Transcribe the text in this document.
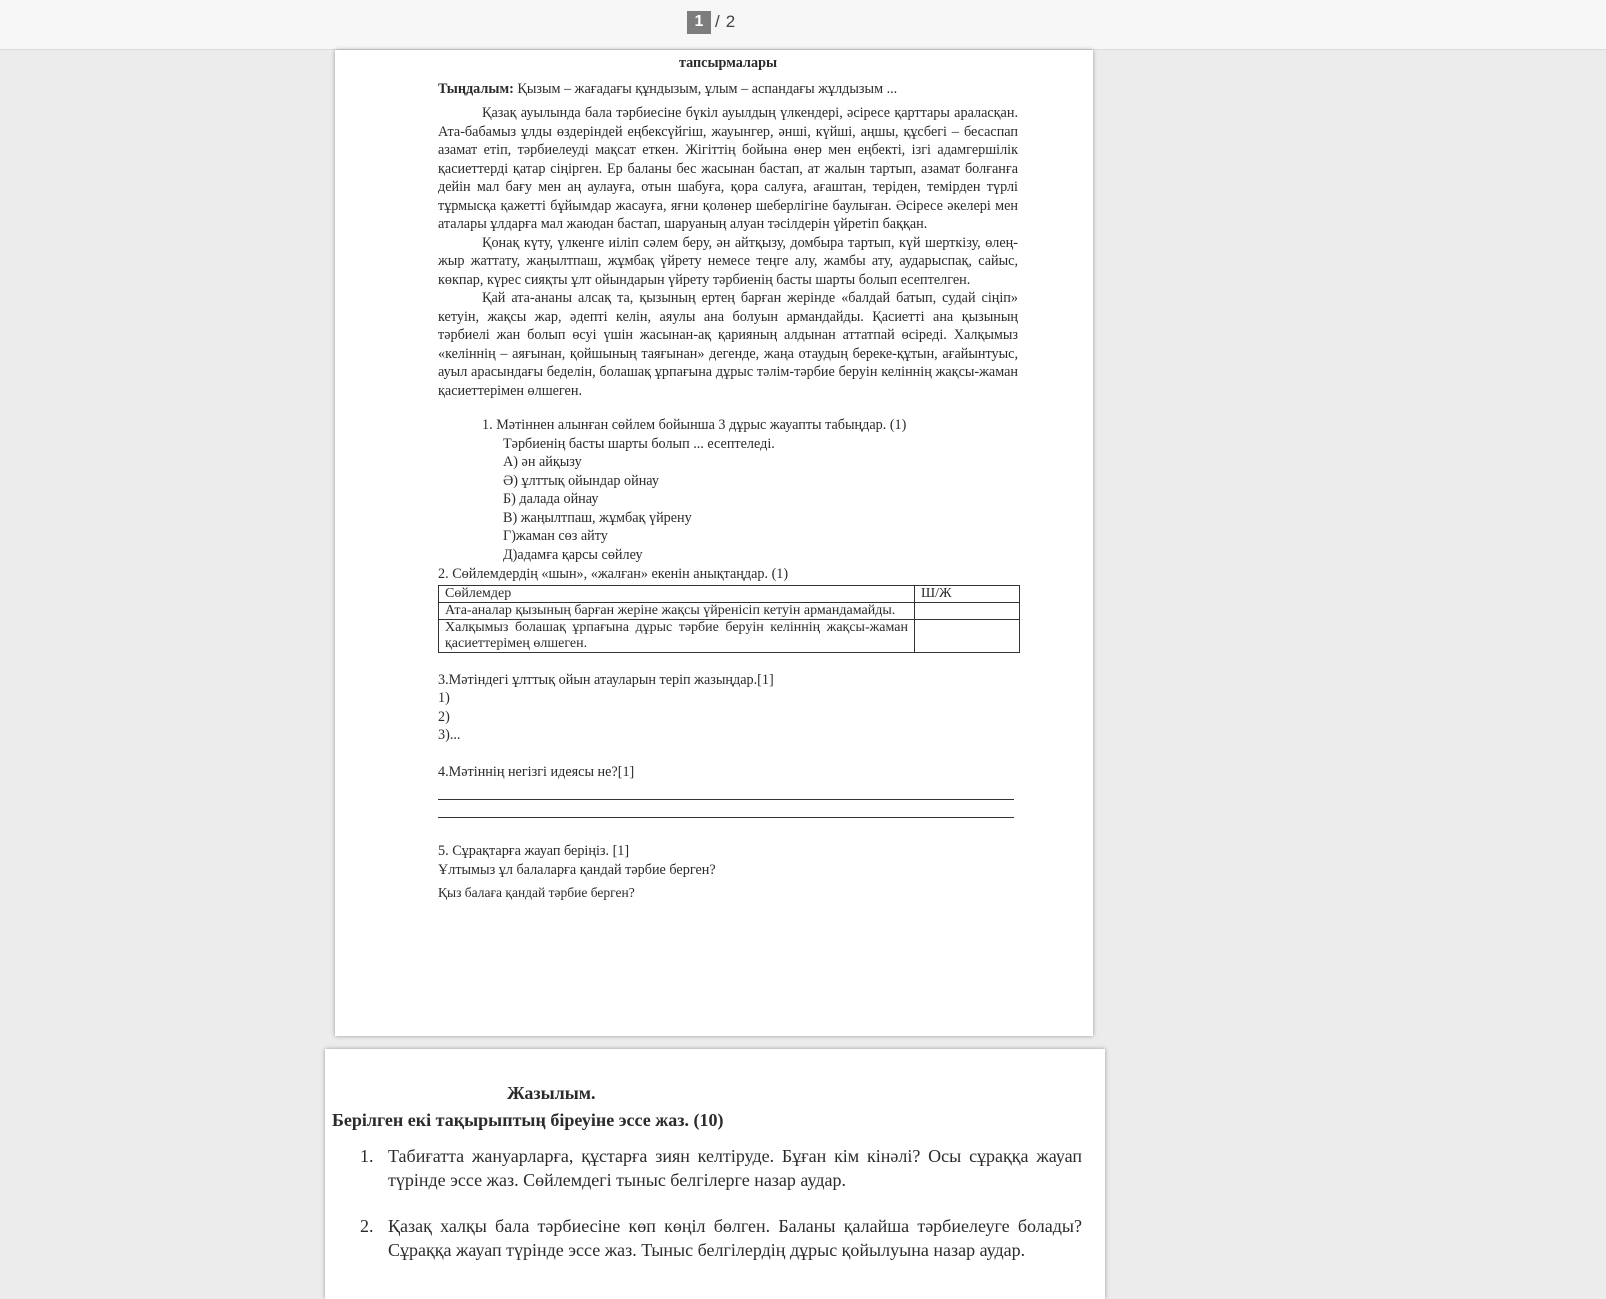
1
/ 2

тапсырмалары

Тыңдалым: Қызым – жағадағы құндызым, ұлым – аспандағы жұлдызым ...

Қазақ ауылында бала тәрбиесіне бүкіл ауылдың үлкендері, әсіресе қарттары араласқан. Ата-бабамыз ұлды өздеріндей еңбексүйгіш, жауынгер, әнші, күйші, аңшы, құсбегі – бесаспап азамат етіп, тәрбиелеуді мақсат еткен. Жігіттің бойына өнер мен еңбекті, ізгі адамгершілік қасиеттерді қатар сіңірген. Ер баланы бес жасынан бастап, ат жалын тартып, азамат болғанға дейін мал бағу мен аң аулауға, отын шабуға, қора салуға, ағаштан, теріден, темірден түрлі тұрмысқа қажетті бұйымдар жасауға, яғни қолөнер шеберлігіне баулыған. Әсіресе әкелері мен аталары ұлдарға мал жаюдан бастап, шаруаның алуан тәсілдерін үйретіп баққан.

Қонақ күту, үлкенге иіліп сәлем беру, ән айтқызу, домбыра тартып, күй шерткізу, өлең-жыр жаттату, жаңылтпаш, жұмбақ үйрету немесе теңге алу, жамбы ату, аударыспақ, сайыс, көкпар, күрес сияқты ұлт ойындарын үйрету тәрбиенің басты шарты болып есептелген.

Қай ата-ананы алсақ та, қызының ертең барған жерінде «балдай батып, судай сіңіп» кетуін, жақсы жар, әдепті келін, аяулы ана болуын армандайды. Қасиетті ана қызының тәрбиелі жан болып өсуі үшін жасынан-ақ қарияның алдынан аттатпай өсіреді. Халқымыз «келіннің – аяғынан, қойшының таяғынан» дегенде, жаңа отаудың береке-құтын, ағайынтуыс, ауыл арасындағы беделін, болашақ ұрпағына дұрыс тәлім-тәрбие беруін келіннің жақсы-жаман қасиеттерімен өлшеген.

1. Мәтіннен алынған сөйлем бойынша 3 дұрыс жауапты табыңдар. (1)
Тәрбиенің басты шарты болып ... есептеледі.
А) ән айқызу
Ә) ұлттық ойындар ойнау
Б) далада ойнау
В) жаңылтпаш, жұмбақ үйрену
Г)жаман сөз айту
Д)адамға қарсы сөйлеу
2. Сөйлемдердің «шын», «жалған» екенін анықтаңдар. (1)
Сөйлемдер	Ш/Ж
Ата-аналар қызының барған жеріне жақсы үйренісіп кетуін армандамайды.	
Халқымыз болашақ ұрпағына дұрыс тәрбие беруін келіннің жақсы-жаман қасиеттерімең өлшеген.	
3.Мәтіндегі ұлттық ойын атауларын теріп жазыңдар.[1]
1)
2)
3)...
4.Мәтіннің негізгі идеясы не?[1]
5. Сұрақтарға жауап беріңіз. [1]
Ұлтымыз ұл балаларға қандай тәрбие берген?
Қыз балаға қандай тәрбие берген?

Жазылым.

Берілген екі тақырыптың біреуіне эссе жаз. (10)

1. Табиғатта жануарларға, құстарға зиян келтіруде. Бұған кім кінәлі? Осы сұраққа жауап түрінде эссе жаз. Сөйлемдегі тыныс белгілерге назар аудар.
2. Қазақ халқы бала тәрбиесіне көп көңіл бөлген. Баланы қалайша тәрбиелеуге болады? Сұраққа жауап түрінде эссе жаз. Тыныс белгілердің дұрыс қойылуына назар аудар.
